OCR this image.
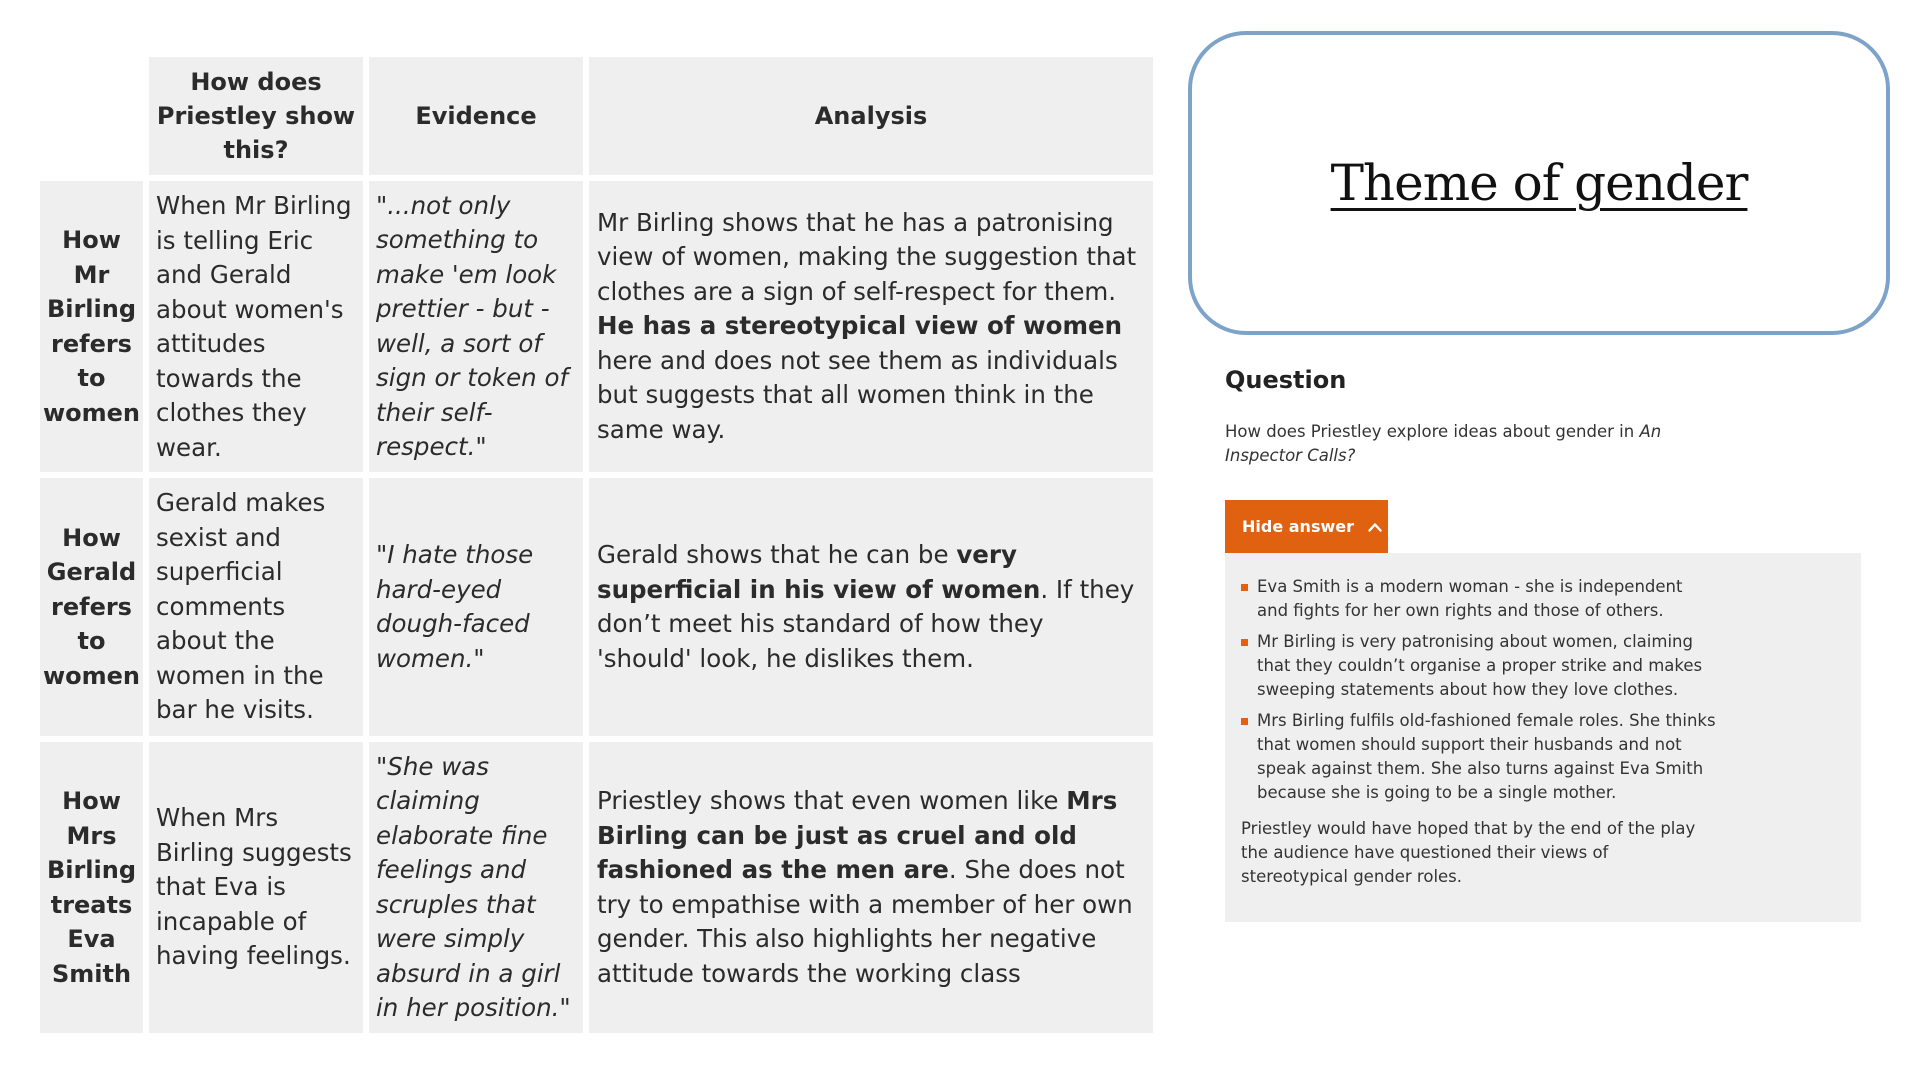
How does Priestley show this?
Evidence	Analysis
How Mr Birling refers to women
When Mr Birling is telling Eric and Gerald about women's attitudes towards the clothes they wear.
"...not only something to make 'em look prettier - but - well, a sort of sign or token of their self-respect."
Mr Birling shows that he has a patronising view of women, making the suggestion that clothes are a sign of self-respect for them. He has a stereotypical view of women here and does not see them as individuals but suggests that all women think in the same way.
How Gerald refers to women
Gerald makes sexist and superficial comments about the women in the bar he visits.
"I hate those hard-eyed dough-faced women."
Gerald shows that he can be very superficial in his view of women. If they don’t meet his standard of how they 'should' look, he dislikes them.
How Mrs Birling treats Eva Smith
When Mrs Birling suggests that Eva is incapable of having feelings.
"She was claiming elaborate fine feelings and scruples that were simply absurd in a girl in her position."
Priestley shows that even women like Mrs Birling can be just as cruel and old fashioned as the men are. She does not try to empathise with a member of her own gender. This also highlights her negative attitude towards the working class
Theme of gender
Question
How does Priestley explore ideas about gender in An Inspector Calls?
Hide answer
Eva Smith is a modern woman - she is independent and fights for her own rights and those of others.
Mr Birling is very patronising about women, claiming that they couldn’t organise a proper strike and makes sweeping statements about how they love clothes.
Mrs Birling fulfils old-fashioned female roles. She thinks that women should support their husbands and not speak against them. She also turns against Eva Smith because she is going to be a single mother.

Priestley would have hoped that by the end of the play the audience have questioned their views of stereotypical gender roles.
